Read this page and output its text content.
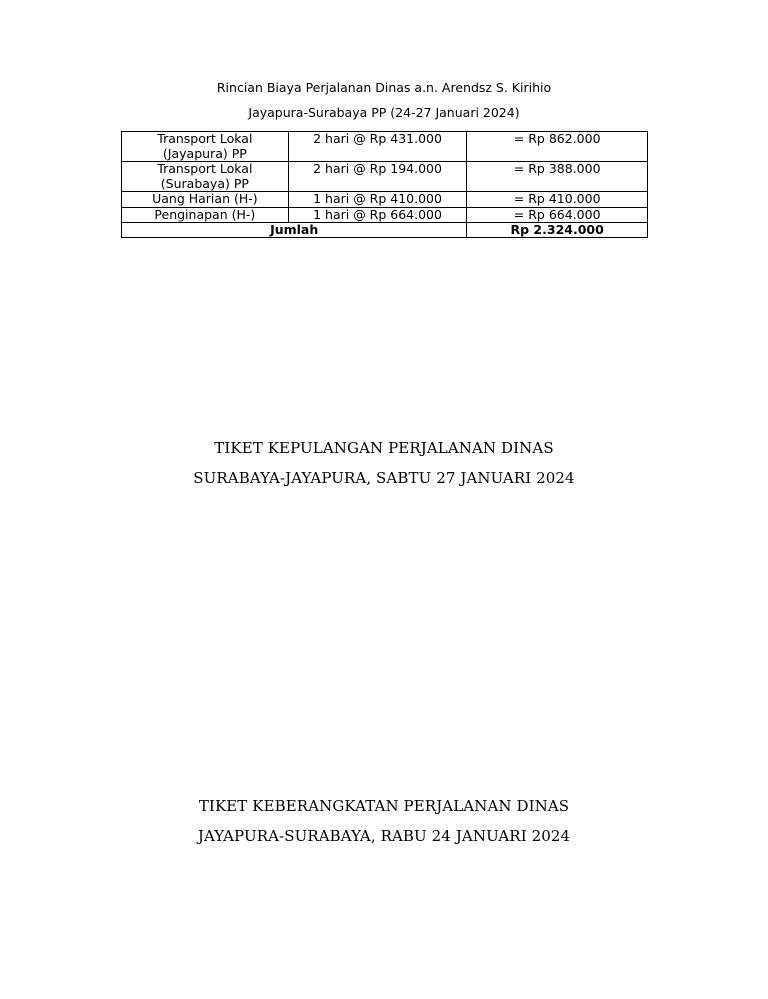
Rincian Biaya Perjalanan Dinas a.n. Arendsz S. Kirihio
Jayapura-Surabaya PP (24-27 Januari 2024)
Transport Lokal (Jayapura) PP	2 hari @ Rp 431.000	= Rp 862.000
Transport Lokal (Surabaya) PP	2 hari @ Rp 194.000	= Rp 388.000
Uang Harian (H-)	1 hari @ Rp 410.000	= Rp 410.000
Penginapan (H-)	1 hari @ Rp 664.000	= Rp 664.000
Jumlah		Rp 2.324.000
TIKET KEPULANGAN PERJALANAN DINAS
SURABAYA-JAYAPURA, SABTU 27 JANUARI 2024
TIKET KEBERANGKATAN PERJALANAN DINAS
JAYAPURA-SURABAYA, RABU 24 JANUARI 2024
